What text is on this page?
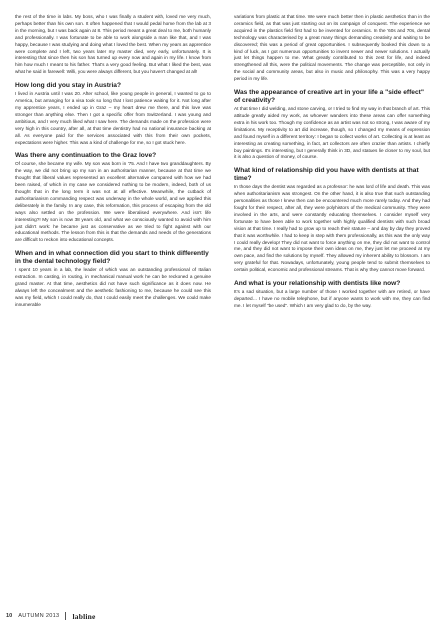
the rest of the time in labs. My boss, who I was finally a student with, loved me very much, perhaps better than his own son. It often happened that I would pedal home from the lab at 3 in the morning, but I was back again at 8. This period meant a great deal to me, both humanly and professionally. I was fortunate to be able to work alongside a man like that, and I was happy, because I was studying and doing what I loved the best. When my years as apprentice were complete and I left, two years later my master died, very early, unfortunately. It is interesting that since then his son has turned up every now and again in my life. I know from him how much I meant to his father. That's a very good feeling. But what I liked the best, was what he said in farewell: Willi, you were always different, but you haven't changed at all!

How long did you stay in Austria?

I lived in Austria until I was 20. After school, like young people in general, I wanted to go to America, but arranging for a visa took so long that I lost patience waiting for it. Not long after my apprentice years, I ended up in Graz – my heart drew me there, and this love was stronger than anything else. Then I got a specific offer from Switzerland. I was young and ambitious, and I very much liked what I saw here. The demands made on the profession were very high in this country, after all, at that time dentistry had no national insurance backing at all. As everyone paid for the services associated with this from their own pockets, expectations were higher. This was a kind of challenge for me, so I got stuck here.

Was there any continuation to the Graz love?

Of course, she became my wife. My son was born in '75. And I have two granddaughters. By the way, we did not bring up my son in an authoritarian manner, because at that time we thought that liberal values represented an excellent alternative compared with how we had been raised, of which in my case we considered nothing to be modern, indeed, both of us thought that in the long term it was not at all effective. Meanwhile, the cutback of authoritarianism commanding respect was underway in the whole world, and we applied this deliberately in the family. In any case, this reformation, this process of escaping from the old ways also settled on the profession. We were liberalised everywhere. And isn't life interesting?! My son is now 38 years old, and what we consciously wanted to avoid with him just didn't work: he became just as conservative as we tried to fight against with our educational methods. The lesson from this is that the demands and needs of the generations are difficult to reckon into educational concepts.

When and in what connection did you start to think differently in the dental technology field?

I spent 10 years in a lab, the leader of which was an outstanding professional of Italian extraction. In casting, in routing, in mechanical manual work he can be reckoned a genuine grand master. At that time, aesthetics did not have such significance as it does now. He always left the concealment and the aesthetic fashioning to me, because he could see this was my field, which I could really do, that I could easily meet the challenges. We could make innumerable

variations from plastic at that time. We were much better then in plastic aesthetics than in the ceramics field, as that was just starting out on its campaign of conquest. The experience we acquired in the plastics field first had to be invented for ceramics. In the '60s and 70s, dental technology was characterised by a great many things demanding creativity and waiting to be discovered; this was a period of great opportunities. I subsequently booked this down to a kind of luck, as I got numerous opportunities to invent newer and newer solutions. I actually just let things happen to me. What greatly contributed to this zest for life, and indeed strengthened all this, were the political movements. The change was perceptible, not only in the social and community areas, but also in music and philosophy. This was a very happy period in my life.

Was the appearance of creative art in your life a "side effect" of creativity?

At that time I did welding, and stone carving, or I tried to find my way in that branch of art. This attitude greatly aided my work, as whoever wanders into these areas can offer something extra in his work too. Though my confidence as an artist was not so strong, I was aware of my limitations. My receptivity to art did increase, though, so I changed my means of expression and found myself in a different territory: I began to collect works of art. Collecting is at least as interesting as creating something, in fact, art collectors are often crazier than artists. I chiefly buy paintings. It's interesting, but I generally think in 3D, and statues lie closer to my soul, but it is also a question of money, of course.

What kind of relationship did you have with dentists at that time?

In those days the dentist was regarded as a professor: he was lord of life and death. This was when authoritarianism was strongest. On the other hand, it is also true that such outstanding personalities as those I knew then can be encountered much more rarely today. And they had fought for their respect, after all, they were polyhistors of the medical community. They were involved in the arts, and were constantly educating themselves. I consider myself very fortunate to have been able to work together with highly qualified dentists with such broad vision at that time. I really had to grow up to reach their stature – and day by day they proved that it was worthwhile. I had to keep in step with them professionally, as this was the only way I could really develop! They did not want to force anything on me, they did not want to control me, and they did not want to impose their own ideas on me, they just let me proceed at my own pace, and find the solutions by myself. They allowed my inherent ability to blossom. I am very grateful for that. Nowadays, unfortunately, young people tend to submit themselves to certain political, economic and professional streams. That is why they cannot move forward.

And what is your relationship with dentists like now?

It's a sad situation, but a large number of those I worked together with are retired, or have departed… I have no mobile telephone, but if anyone wants to work with me, they can find me. I let myself "be used". Which I am very glad to do, by the way.

10 AUTUMN 2013 labline
